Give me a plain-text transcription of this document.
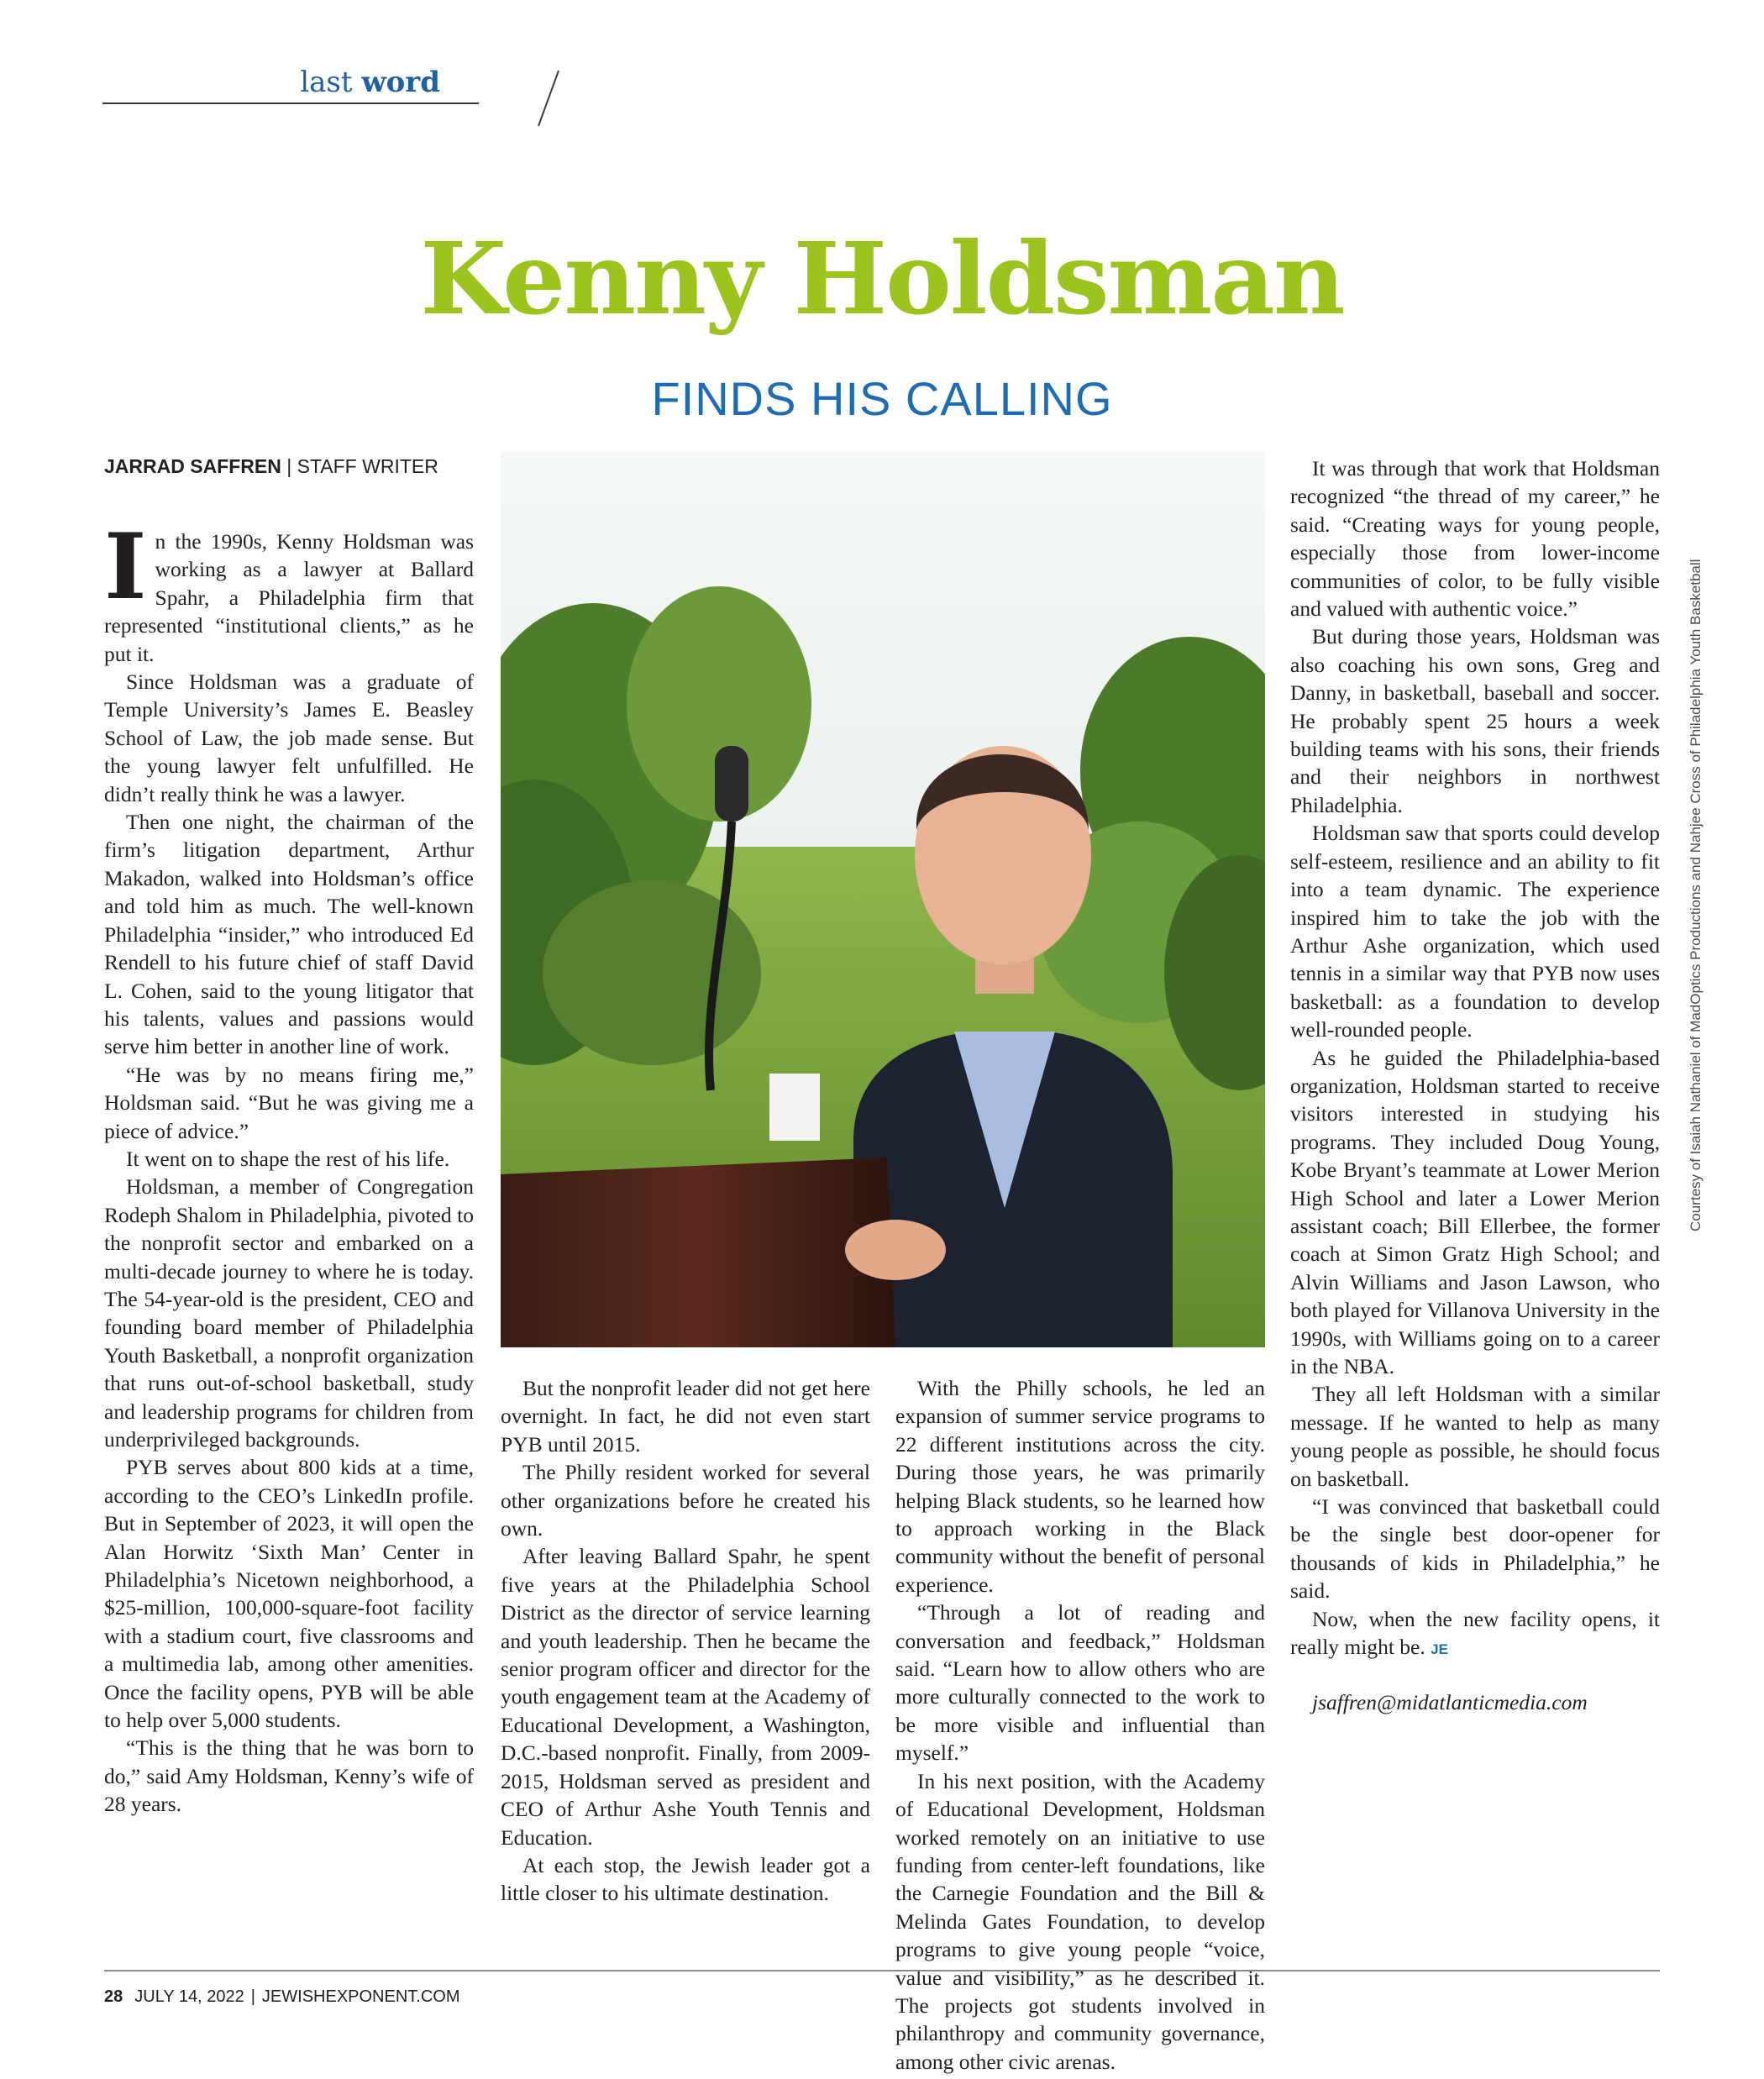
last word
Kenny Holdsman
FINDS HIS CALLING
JARRAD SAFFREN | STAFF WRITER

In the 1990s, Kenny Holdsman was working as a lawyer at Ballard Spahr, a Philadelphia firm that represented “institutional clients,” as he put it.

Since Holdsman was a graduate of Temple University’s James E. Beasley School of Law, the job made sense. But the young lawyer felt unfulfilled. He didn’t really think he was a lawyer.

Then one night, the chairman of the firm’s litigation department, Arthur Makadon, walked into Holdsman’s office and told him as much. The well-known Philadelphia “insider,” who introduced Ed Rendell to his future chief of staff David L. Cohen, said to the young litigator that his talents, values and passions would serve him better in another line of work.

“He was by no means firing me,” Holdsman said. “But he was giving me a piece of advice.”

It went on to shape the rest of his life.

Holdsman, a member of Congregation Rodeph Shalom in Philadelphia, pivoted to the nonprofit sector and embarked on a multi-decade journey to where he is today. The 54-year-old is the president, CEO and founding board member of Philadelphia Youth Basketball, a nonprofit organization that runs out-of-school basketball, study and leadership programs for children from underprivileged backgrounds.

PYB serves about 800 kids at a time, according to the CEO’s LinkedIn profile. But in September of 2023, it will open the Alan Horwitz ‘Sixth Man’ Center in Philadelphia’s Nicetown neighborhood, a $25-million, 100,000-square-foot facility with a stadium court, five classrooms and a multimedia lab, among other amenities. Once the facility opens, PYB will be able to help over 5,000 students.

“This is the thing that he was born to do,” said Amy Holdsman, Kenny’s wife of 28 years.

Courtesy of Isaiah Nathaniel of MadOptics Productions and Nahjee Cross of Philadelphia Youth Basketball

But the nonprofit leader did not get here overnight. In fact, he did not even start PYB until 2015.

The Philly resident worked for several other organizations before he created his own.

After leaving Ballard Spahr, he spent five years at the Philadelphia School District as the director of service learning and youth leadership. Then he became the senior program officer and director for the youth engagement team at the Academy of Educational Development, a Washington, D.C.-based nonprofit. Finally, from 2009-2015, Holdsman served as president and CEO of Arthur Ashe Youth Tennis and Education.

At each stop, the Jewish leader got a little closer to his ultimate destination.

With the Philly schools, he led an expansion of summer service programs to 22 different institutions across the city. During those years, he was primarily helping Black students, so he learned how to approach working in the Black community without the benefit of personal experience.

“Through a lot of reading and conversation and feedback,” Holdsman said. “Learn how to allow others who are more culturally connected to the work to be more visible and influential than myself.”

In his next position, with the Academy of Educational Development, Holdsman worked remotely on an initiative to use funding from center-left foundations, like the Carnegie Foundation and the Bill & Melinda Gates Foundation, to develop programs to give young people “voice, value and visibility,” as he described it. The projects got students involved in philanthropy and community governance, among other civic arenas.

It was through that work that Holdsman recognized “the thread of my career,” he said. “Creating ways for young people, especially those from lower-income communities of color, to be fully visible and valued with authentic voice.”

But during those years, Holdsman was also coaching his own sons, Greg and Danny, in basketball, baseball and soccer. He probably spent 25 hours a week building teams with his sons, their friends and their neighbors in northwest Philadelphia.

Holdsman saw that sports could develop self-esteem, resilience and an ability to fit into a team dynamic. The experience inspired him to take the job with the Arthur Ashe organization, which used tennis in a similar way that PYB now uses basketball: as a foundation to develop well-rounded people.

As he guided the Philadelphia-based organization, Holdsman started to receive visitors interested in studying his programs. They included Doug Young, Kobe Bryant’s teammate at Lower Merion High School and later a Lower Merion assistant coach; Bill Ellerbee, the former coach at Simon Gratz High School; and Alvin Williams and Jason Lawson, who both played for Villanova University in the 1990s, with Williams going on to a career in the NBA.

They all left Holdsman with a similar message. If he wanted to help as many young people as possible, he should focus on basketball.

“I was convinced that basketball could be the single best door-opener for thousands of kids in Philadelphia,” he said.

Now, when the new facility opens, it really might be. JE

jsaffren@midatlanticmedia.com

28 JULY 14, 2022 | JEWISHEXPONENT.COM
